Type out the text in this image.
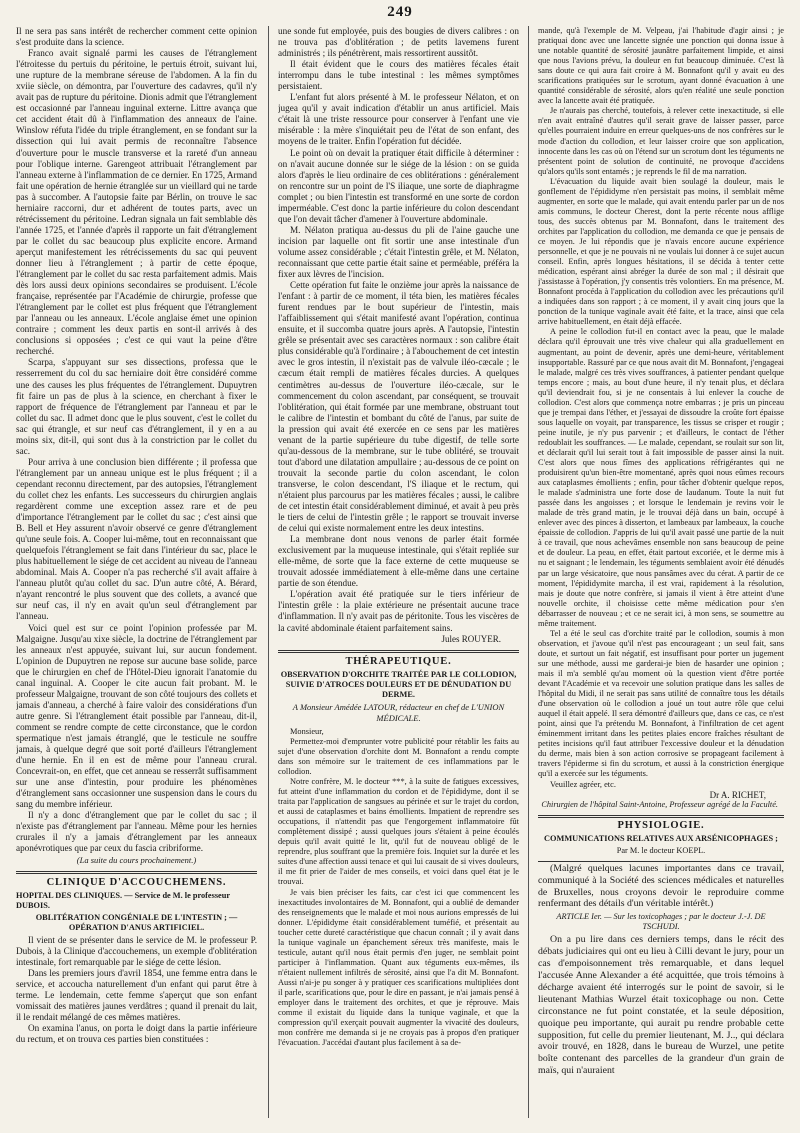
249

Il ne sera pas sans intérêt de rechercher comment cette opinion s'est produite dans la science.

Franco avait signalé parmi les causes de l'étranglement l'étroitesse du pertuis du péritoine, le pertuis étroit, suivant lui, une rupture de la membrane séreuse de l'abdomen. A la fin du xviie siècle, on démontra, par l'ouverture des cadavres, qu'il n'y avait pas de rupture du péritoine. Dionis admit que l'étranglement est occasionné par l'anneau inguinal externe. Littre avança que cet accident était dû à l'inflammation des anneaux de l'aine. Winslow réfuta l'idée du triple étranglement, en se fondant sur la dissection qui lui avait permis de reconnaître l'absence d'ouverture pour le muscle transverse et la rareté d'un anneau pour l'oblique interne. Garengeot attribuait l'étranglement par l'anneau externe à l'inflammation de ce dernier. En 1725, Armand fait une opération de hernie étranglée sur un vieillard qui ne tarde pas à succomber. A l'autopsie faite par Bérlin, on trouve le sac herniaire raccorni, dur et adhérent de toutes parts, avec un rétrécissement du péritoine. Ledran signala un fait semblable dès l'année 1725, et l'année d'après il rapporte un fait d'étranglement par le collet du sac beaucoup plus explicite encore. Armand aperçut manifestement les rétrécissements du sac qui peuvent donner lieu à l'étranglement ; à partir de cette époque, l'étranglement par le collet du sac resta parfaitement admis. Mais dès lors aussi deux opinions secondaires se produisent. L'école française, représentée par l'Académie de chirurgie, professe que l'étranglement par le collet est plus fréquent que l'étranglement par l'anneau ou les anneaux. L'école anglaise émet une opinion contraire ; comment les deux partis en sont-il arrivés à des conclusions si opposées ; c'est ce qui vaut la peine d'être recherché.

Scarpa, s'appuyant sur ses dissections, professa que le resserrement du col du sac herniaire doit être considéré comme une des causes les plus fréquentes de l'étranglement. Dupuytren fit faire un pas de plus à la science, en cherchant à fixer le rapport de fréquence de l'étranglement par l'anneau et par le collet du sac. Il admet donc que le plus souvent, c'est le collet du sac qui étrangle, et sur neuf cas d'étranglement, il y en a au moins six, dit-il, qui sont dus à la constriction par le collet du sac.

Pour arriva à une conclusion bien différente ; il professa que l'étranglement par un anneau unique est le plus fréquent ; il a cependant reconnu directement, par des autopsies, l'étranglement du collet chez les enfants. Les successeurs du chirurgien anglais regardèrent comme une exception assez rare et de peu d'importance l'étranglement par le collet du sac ; c'est ainsi que B. Bell et Hey assurent n'avoir observé ce genre d'étranglement qu'une seule fois. A. Cooper lui-même, tout en reconnaissant que quelquefois l'étranglement se fait dans l'intérieur du sac, place le plus habituellement le siége de cet accident au niveau de l'anneau abdominal. Mais A. Cooper n'a pas recherché s'il avait affaire à l'anneau plutôt qu'au collet du sac. D'un autre côté, A. Bérard, n'ayant rencontré le plus souvent que des collets, a avancé que sur neuf cas, il n'y en avait qu'un seul d'étranglement par l'anneau.

Voici quel est sur ce point l'opinion professée par M. Malgaigne. Jusqu'au xixe siècle, la doctrine de l'étranglement par les anneaux n'est appuyée, suivant lui, sur aucun fondement. L'opinion de Dupuytren ne repose sur aucune base solide, parce que le chirurgien en chef de l'Hôtel-Dieu ignorait l'anatomie du canal inguinal. A. Cooper le cite aucun fait probant. M. le professeur Malgaigne, trouvant de son côté toujours des collets et jamais d'anneau, a cherché à faire valoir des considérations d'un autre genre. Si l'étranglement était possible par l'anneau, dit-il, comment se rendre compte de cette circonstance, que le cordon spermatique n'est jamais étranglé, que le testicule ne souffre jamais, à quelque degré que soit porté d'ailleurs l'étranglement d'une hernie. En il en est de même pour l'anneau crural. Concevrait-on, en effet, que cet anneau se resserrât suffisamment sur une anse d'intestin, pour produire les phénomènes d'étranglement sans occasionner une suspension dans le cours du sang du membre inférieur.

Il n'y a donc d'étranglement que par le collet du sac ; il n'existe pas d'étranglement par l'anneau. Même pour les hernies crurales il n'y a jamais d'étranglement par les anneaux aponévrotiques que par ceux du fascia cribriforme.

(La suite du cours prochainement.)
CLINIQUE D'ACCOUCHEMENS.
HOPITAL DES CLINIQUES. — Service de M. le professeur DUBOIS.
OBLITÉRATION CONGÉNIALE DE L'INTESTIN ; — OPÉRATION D'ANUS ARTIFICIEL.

Il vient de se présenter dans le service de M. le professeur P. Dubois, à la Clinique d'accouchemens, un exemple d'oblitération intestinale, fort remarquable par le siége de cette lésion.

Dans les premiers jours d'avril 1854, une femme entra dans le service, et accoucha naturellement d'un enfant qui parut être à terme. Le lendemain, cette femme s'aperçut que son enfant vomissait des matières jaunes verdâtres ; quand il prenait du lait, il le rendait mélangé de ces mêmes matières.

On examina l'anus, on porta le doigt dans la partie inférieure du rectum, et on trouva ces parties bien constituées :

une sonde fut employée, puis des bougies de divers calibres : on ne trouva pas d'oblitération ; de petits lavemens furent administrés ; ils pénétrèrent, mais ressortirent aussitôt.

Il était évident que le cours des matières fécales était interrompu dans le tube intestinal : les mêmes symptômes persistaient.

L'enfant fut alors présenté à M. le professeur Nélaton, et on jugea qu'il y avait indication d'établir un anus artificiel. Mais c'était là une triste ressource pour conserver à l'enfant une vie misérable : la mère s'inquiétait peu de l'état de son enfant, des moyens de le traiter. Enfin l'opération fut décidée.

Le point où on devait la pratiquer était difficile à déterminer : on n'avait aucune donnée sur le siége de la lésion : on se guida alors d'après le lieu ordinaire de ces oblitérations : généralement on rencontre sur un point de l'S iliaque, une sorte de diaphragme complet ; ou bien l'intestin est transformé en une sorte de cordon imperméable. C'est donc la partie inférieure du colon descendant que l'on devait tâcher d'amener à l'ouverture abdominale.

M. Nélaton pratiqua au-dessus du pli de l'aine gauche une incision par laquelle ont fit sortir une anse intestinale d'un volume assez considérable ; c'était l'intestin grêle, et M. Nélaton, reconnaissant que cette partie était saine et perméable, préféra la fixer aux lèvres de l'incision.

Cette opération fut faite le onzième jour après la naissance de l'enfant : à partir de ce moment, il téta bien, les matières fécales furent rendues par le bout supérieur de l'intestin, mais l'affaiblissement qui s'était manifesté avant l'opération, continua ensuite, et il succomba quatre jours après. A l'autopsie, l'intestin grêle se présentait avec ses caractères normaux : son calibre était plus considérable qu'à l'ordinaire ; à l'abouchement de cet intestin avec le gros intestin, il n'existait pas de valvule iléo-cæcale ; le cæcum était rempli de matières fécales durcies. A quelques centimètres au-dessus de l'ouverture iléo-cæcale, sur le commencement du colon ascendant, par conséquent, se trouvait l'oblitération, qui était formée par une membrane, obstruant tout le calibre de l'intestin et bombant du côté de l'anus, par suite de la pression qui avait été exercée en ce sens par les matières venant de la partie supérieure du tube digestif, de telle sorte qu'au-dessous de la membrane, sur le tube oblitéré, se trouvait tout d'abord une dilatation ampullaire ; au-dessous de ce point on trouvait la seconde partie du colon ascendant, le colon transverse, le colon descendant, l'S iliaque et le rectum, qui n'étaient plus parcourus par les matières fécales ; aussi, le calibre de cet intestin était considérablement diminué, et avait à peu près le tiers de celui de l'intestin grêle ; le rapport se trouvait inverse de celui qui existe normalement entre les deux intestins.

La membrane dont nous venons de parler était formée exclusivement par la muqueuse intestinale, qui s'était repliée sur elle-même, de sorte que la face externe de cette muqueuse se trouvait adossée immédiatement à elle-même dans une certaine partie de son étendue.

L'opération avait été pratiquée sur le tiers inférieur de l'intestin grêle : la plaie extérieure ne présentait aucune trace d'inflammation. Il n'y avait pas de péritonite. Tous les viscères de la cavité abdominale étaient parfaitement sains.

Jules ROUYER.
THÉRAPEUTIQUE.
OBSERVATION D'ORCHITE TRAITÉE PAR LE COLLODION, SUIVIE D'ATROCES DOULEURS ET DE DÉNUDATION DU DERME.
A Monsieur Amédée LATOUR, rédacteur en chef de L'UNION MÉDICALE.

Monsieur,

Permettez-moi d'emprunter votre publicité pour rétablir les faits au sujet d'une observation d'orchite dont M. Bonnafont a rendu compte dans son mémoire sur le traitement de ces inflammations par le collodion.

Notre confrère, M. le docteur ***, à la suite de fatigues excessives, fut atteint d'une inflammation du cordon et de l'épididyme, dont il se traita par l'application de sangsues au périnée et sur le trajet du cordon, et aussi de cataplasmes et bains émollients. Impatient de reprendre ses occupations, il n'attendit pas que l'engorgement inflammatoire fût complètement dissipé ; aussi quelques jours s'étaient à peine écoulés depuis qu'il avait quitté le lit, qu'il fut de nouveau obligé de le reprendre, plus souffrant que la première fois. Inquiet sur la durée et les suites d'une affection aussi tenace et qui lui causait de si vives douleurs, il me fit prier de l'aider de mes conseils, et voici dans quel état je le trouvai.

Je vais bien préciser les faits, car c'est ici que commencent les inexactitudes involontaires de M. Bonnafont, qui a oublié de demander des renseignements que le malade et moi nous aurions empressés de lui donner. L'épididyme était considérablement tuméfié, et présentait au toucher cette dureté caractéristique que chacun connaît ; il y avait dans la tunique vaginale un épanchement séreux très manifeste, mais le testicule, autant qu'il nous était permis d'en juger, ne semblait point participer à l'inflammation. Quant aux téguments eux-mêmes, ils n'étaient nullement infiltrés de sérosité, ainsi que l'a dit M. Bonnafont. Aussi n'ai-je pu songer à y pratiquer ces scarifications multipliées dont il parle, scarifications que, pour le dire en passant, je n'ai jamais pensé à employer dans le traitement des orchites, et que je réprouve. Mais comme il existait du liquide dans la tunique vaginale, et que la compression qu'il exerçait pouvait augmenter la vivacité des douleurs, mon confrère me demanda si je ne croyais pas à propos d'en pratiquer l'évacuation. J'accédai d'autant plus facilement à sa de-

mande, qu'à l'exemple de M. Velpeau, j'ai l'habitude d'agir ainsi ; je pratiquai donc avec une lancette signée une ponction qui donna issue à une notable quantité de sérosité jaunâtre parfaitement limpide, et ainsi que nous l'avions prévu, la douleur en fut beaucoup diminuée. C'est là sans doute ce qui aura fait croire à M. Bonnafont qu'il y avait eu des scarifications pratiquées sur le scrotum, ayant donné évacuation à une quantité considérable de sérosité, alors qu'en réalité une seule ponction avec la lancette avait été pratiquée.

Je n'aurais pas cherché, toutefois, à relever cette inexactitude, si elle n'en avait entraîné d'autres qu'il serait grave de laisser passer, parce qu'elles pourraient induire en erreur quelques-uns de nos confrères sur le mode d'action du collodion, et leur laisser croire que son application, innocente dans les cas où on l'étend sur un scrotum dont les téguments ne présentent point de solution de continuité, ne provoque d'accidens qu'alors qu'ils sont entamés ; je reprends le fil de ma narration.

L'évacuation du liquide avait bien soulagé la douleur, mais le gonflement de l'épididyme n'en persistait pas moins, il semblait même augmenter, en sorte que le malade, qui avait entendu parler par un de nos amis communs, le docteur Cherest, dont la perte récente nous afflige tous, des succès obtenus par M. Bonnafont, dans le traitement des orchites par l'application du collodion, me demanda ce que je pensais de ce moyen. Je lui répondis que je n'avais encore aucune expérience personnelle, et que je ne pouvais ni ne voulais lui donner à ce sujet aucun conseil. Enfin, après longues hésitations, il se décida à tenter cette médication, espérant ainsi abréger la durée de son mal ; il désirait que j'assistasse à l'opération, j'y consentis très volontiers. En ma présence, M. Bonnafont procéda à l'application du collodion avec les précautions qu'il a indiquées dans son rapport ; à ce moment, il y avait cinq jours que la ponction de la tunique vaginale avait été faite, et la trace, ainsi que cela arrive habituellement, en était déjà effacée.

A peine le collodion fut-il en contact avec la peau, que le malade déclara qu'il éprouvait une très vive chaleur qui alla graduellement en augmentant, au point de devenir, après une demi-heure, véritablement insupportable. Rassuré par ce que nous avait dit M. Bonnafont, j'engageai le malade, malgré ces très vives souffrances, à patienter pendant quelque temps encore ; mais, au bout d'une heure, il n'y tenait plus, et déclara qu'il deviendrait fou, si je ne consentais à lui enlever la couche de collodion. C'est alors que commença notre embarras ; je pris un pinceau que je trempai dans l'éther, et j'essayai de dissoudre la croûte fort épaisse sous laquelle on voyait, par transparence, les tissus se crisper et rougir ; peine inutile, je n'y pus parvenir ; et d'ailleurs, le contact de l'éther redoublait les souffrances. — Le malade, cependant, se roulait sur son lit, et déclarait qu'il lui serait tout à fait impossible de passer ainsi la nuit. C'est alors que nous fîmes des applications réfrigérantes qui ne produisirent qu'un bien-être momentané, après quoi nous eûmes recours aux cataplasmes émollients ; enfin, pour tâcher d'obtenir quelque repos, le malade s'administra une forte dose de laudanum. Toute la nuit fut passée dans les angoisses ; et lorsque le lendemain je revins voir le malade de très grand matin, je le trouvai déjà dans un bain, occupé à enlever avec des pinces à disserton, et lambeaux par lambeaux, la couche épaissie de collodion. J'appris de lui qu'il avait passé une partie de la nuit à ce travail, que nous achevâmes ensemble non sans beaucoup de peine et de douleur. La peau, en effet, était partout excoriée, et le derme mis à nu et saignant ; le lendemain, les téguments semblaient avoir été dénudés par un large vésicatoire, que nous pansâmes avec du cérat. A partir de ce moment, l'épididymite marcha, il est vrai, rapidement à la résolution, mais je doute que notre confrère, si jamais il vient à être atteint d'une nouvelle orchite, il choisisse cette même médication pour s'en débarrasser de nouveau ; et ce ne serait ici, à mon sens, se soumettre au même traitement.

Tel a été le seul cas d'orchite traité par le collodion, soumis à mon observation, et j'avoue qu'il n'est pas encourageant ; un seul fait, sans doute, et surtout un fait négatif, est insuffisant pour porter un jugement sur une méthode, aussi me garderai-je bien de hasarder une opinion ; mais il m'a semblé qu'au moment où la question vient d'être portée devant l'Académie et va recevoir une solution pratique dans les salles de l'hôpital du Midi, il ne serait pas sans utilité de connaître tous les détails d'une observation où le collodion a joué un tout autre rôle que celui auquel il était appelé. Il sera démontré d'ailleurs que, dans ce cas, ce n'est point, ainsi que l'a prétendu M. Bonnafont, à l'infiltration de cet agent éminemment irritant dans les petites plaies encore fraîches résultant de petites incisions qu'il faut attribuer l'excessive douleur et la dénudation du derme, mais bien à son action corrosive se propageant facilement à travers l'épiderme si fin du scrotum, et aussi à la constriction énergique qu'il a exercée sur les téguments.

Veuillez agréer, etc.

Dr A. RICHET,
Chirurgien de l'hôpital Saint-Antoine, Professeur agrégé de la Faculté.
PHYSIOLOGIE.
COMMUNICATIONS RELATIVES AUX ARSÉNICOPHAGES ;
Par M. le docteur KOEPL.

(Malgré quelques lacunes importantes dans ce travail, communiqué à la Société des sciences médicales et naturelles de Bruxelles, nous croyons devoir le reproduire comme renfermant des détails d'un véritable intérêt.)

ARTICLE Ier. — Sur les toxicophages ; par le docteur J.-J. DE TSCHUDI.

On a pu lire dans ces derniers temps, dans le récit des débats judiciaires qui ont eu lieu à Cilli devant le jury, pour un cas d'empoisonnement très remarquable, et dans lequel l'accusée Anne Alexander a été acquittée, que trois témoins à décharge avaient été interrogés sur le point de savoir, si le lieutenant Mathias Wurzel était toxicophage ou non. Cette circonstance ne fut point constatée, et la seule déposition, quoique peu importante, qui aurait pu rendre probable cette supposition, fut celle du premier lieutenant, M. J.., qui déclara avoir trouvé, en 1828, dans le bureau de Wurzel, une petite boîte contenant des parcelles de la grandeur d'un grain de maïs, qui n'auraient
